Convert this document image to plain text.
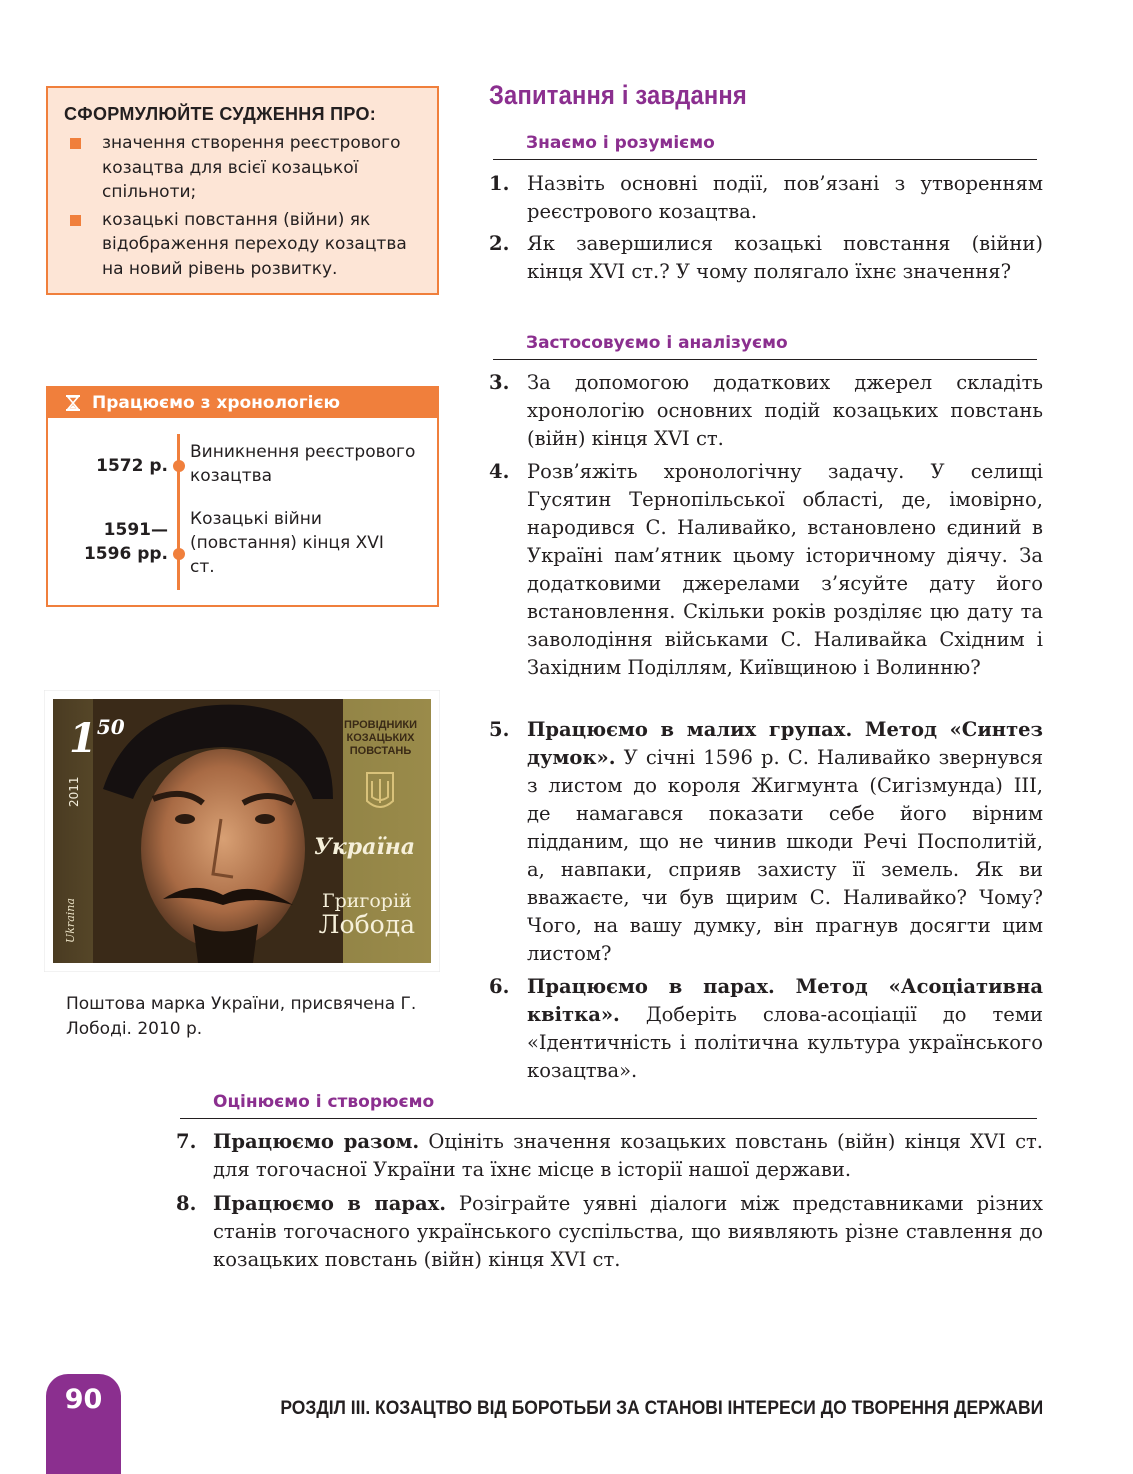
СФОРМУЛЮЙТЕ СУДЖЕННЯ ПРО:
значення створення реєстрового козацтва для всієї козацької спільноти;
козацькі повстання (війни) як відображення переходу козацтва на новий рівень розвитку.
Працюємо з хронологією
1572 р.
Виникнення реєстрового козацтва
1591—
1596 рр.
Козацькі війни (повстання) кінця XVI ст.
$1^{50}$
2011
ПРОВІДНИКИ
КОЗАЦЬКИХ
ПОВСТАНЬ
Україна
Григорій
Лобода
Ukraina
Поштова марка України, присвячена Г. Лободі. 2010 р.
Запитання і завдання
Знаємо і розуміємо
1. Назвіть основні події, пов’язані з утворенням реєстрового козацтва.
2. Як завершилися козацькі повстання (війни) кінця XVI ст.? У чому полягало їхнє значення?
Застосовуємо і аналізуємо
3. За допомогою додаткових джерел складіть хронологію основних подій козацьких повстань (війн) кінця XVI ст.
4. Розв’яжіть хронологічну задачу. У селищі Гусятин Тернопільської області, де, імовірно, народився С. Наливайко, встановлено єдиний в Україні пам’ятник цьому історичному діячу. За додатковими джерелами з’ясуйте дату його встановлення. Скільки років розділяє цю дату та заволодіння військами С. Наливайка Східним і Західним Поділлям, Київщиною і Волинню?
5. Працюємо в малих групах. Метод «Синтез думок». У січні 1596 р. С. Наливайко звернувся з листом до короля Жигмунта (Сигізмунда) III, де намагався показати себе його вірним підданим, що не чинив шкоди Речі Посполитій, а, навпаки, сприяв захисту її земель. Як ви вважаєте, чи був щирим С. Наливайко? Чому? Чого, на вашу думку, він прагнув досягти цим листом?
6. Працюємо в парах. Метод «Асоціативна квітка». Доберіть слова-асоціації до теми «Ідентичність і політична культура українського козацтва».
Оцінюємо і створюємо
7. Працюємо разом. Оцініть значення козацьких повстань (війн) кінця XVI ст. для тогочасної України та їхнє місце в історії нашої держави.
8. Працюємо в парах. Розіграйте уявні діалоги між представниками різних станів тогочасного українського суспільства, що виявляють різне ставлення до козацьких повстань (війн) кінця XVI ст.
90	РОЗДІЛ III. КОЗАЦТВО ВІД БОРОТЬБИ ЗА СТАНОВІ ІНТЕРЕСИ ДО ТВОРЕННЯ ДЕРЖАВИ
